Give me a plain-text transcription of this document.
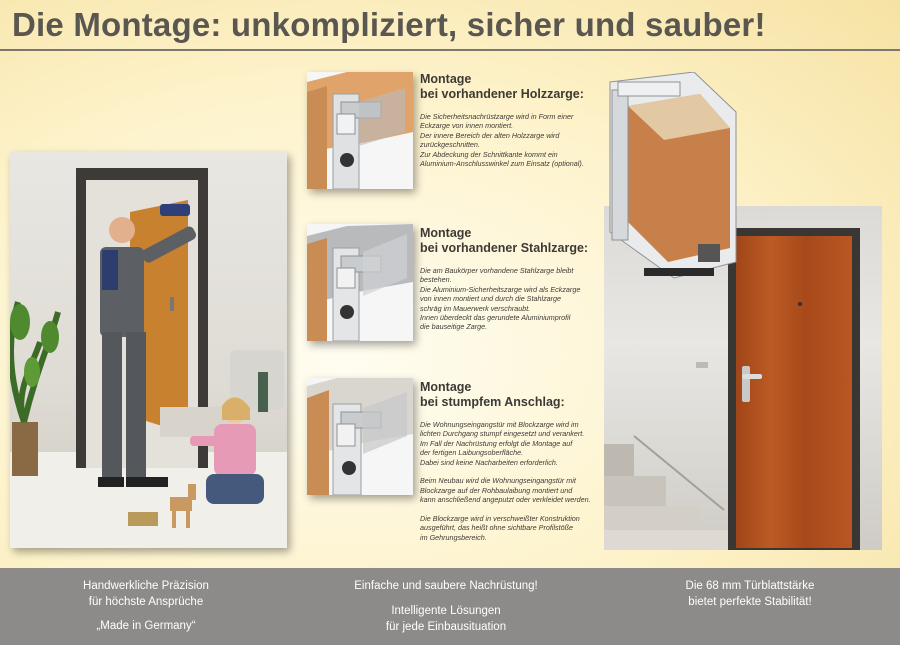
Die Montage: unkompliziert, sicher und sauber!

Montage
bei vorhandener Holzzarge:

Die Sicherheitsnachrüstzarge wird in Form einer
Eckzarge von innen montiert.
Der innere Bereich der alten Holzzarge wird
zurückgeschnitten.
Zur Abdeckung der Schnittkante kommt ein
Aluminium-Anschlusswinkel zum Einsatz (optional).

Montage
bei vorhandener Stahlzarge:

Die am Baukörper vorhandene Stahlzarge bleibt
bestehen.
Die Aluminium-Sicherheitszarge wird als Eckzarge
von innen montiert und durch die Stahlzarge
schräg im Mauerwerk verschraubt.
Innen überdeckt das gerundete Aluminiumprofil
die bauseitige Zarge.

Montage
bei stumpfem Anschlag:

Die Wohnungseingangstür mit Blockzarge wird im
lichten Durchgang stumpf eingesetzt und verankert.
Im Fall der Nachrüstung erfolgt die Montage auf
der fertigen Laibungsoberfläche.
Dabei sind keine Nacharbeiten erforderlich.

Beim Neubau wird die Wohnungseingangstür mit
Blockzarge auf der Rohbaulaibung montiert und
kann anschließend angeputzt oder verkleidet werden.

Die Blockzarge wird in verschweißter Konstruktion
ausgeführt, das heißt ohne sichtbare Profilstöße
im Gehrungsbereich.

Handwerkliche Präzision
für höchste Ansprüche

„Made in Germany“

Einfache und saubere Nachrüstung!

Intelligente Lösungen
für jede Einbausituation

Die 68 mm Türblattstärke
bietet perfekte Stabilität!
